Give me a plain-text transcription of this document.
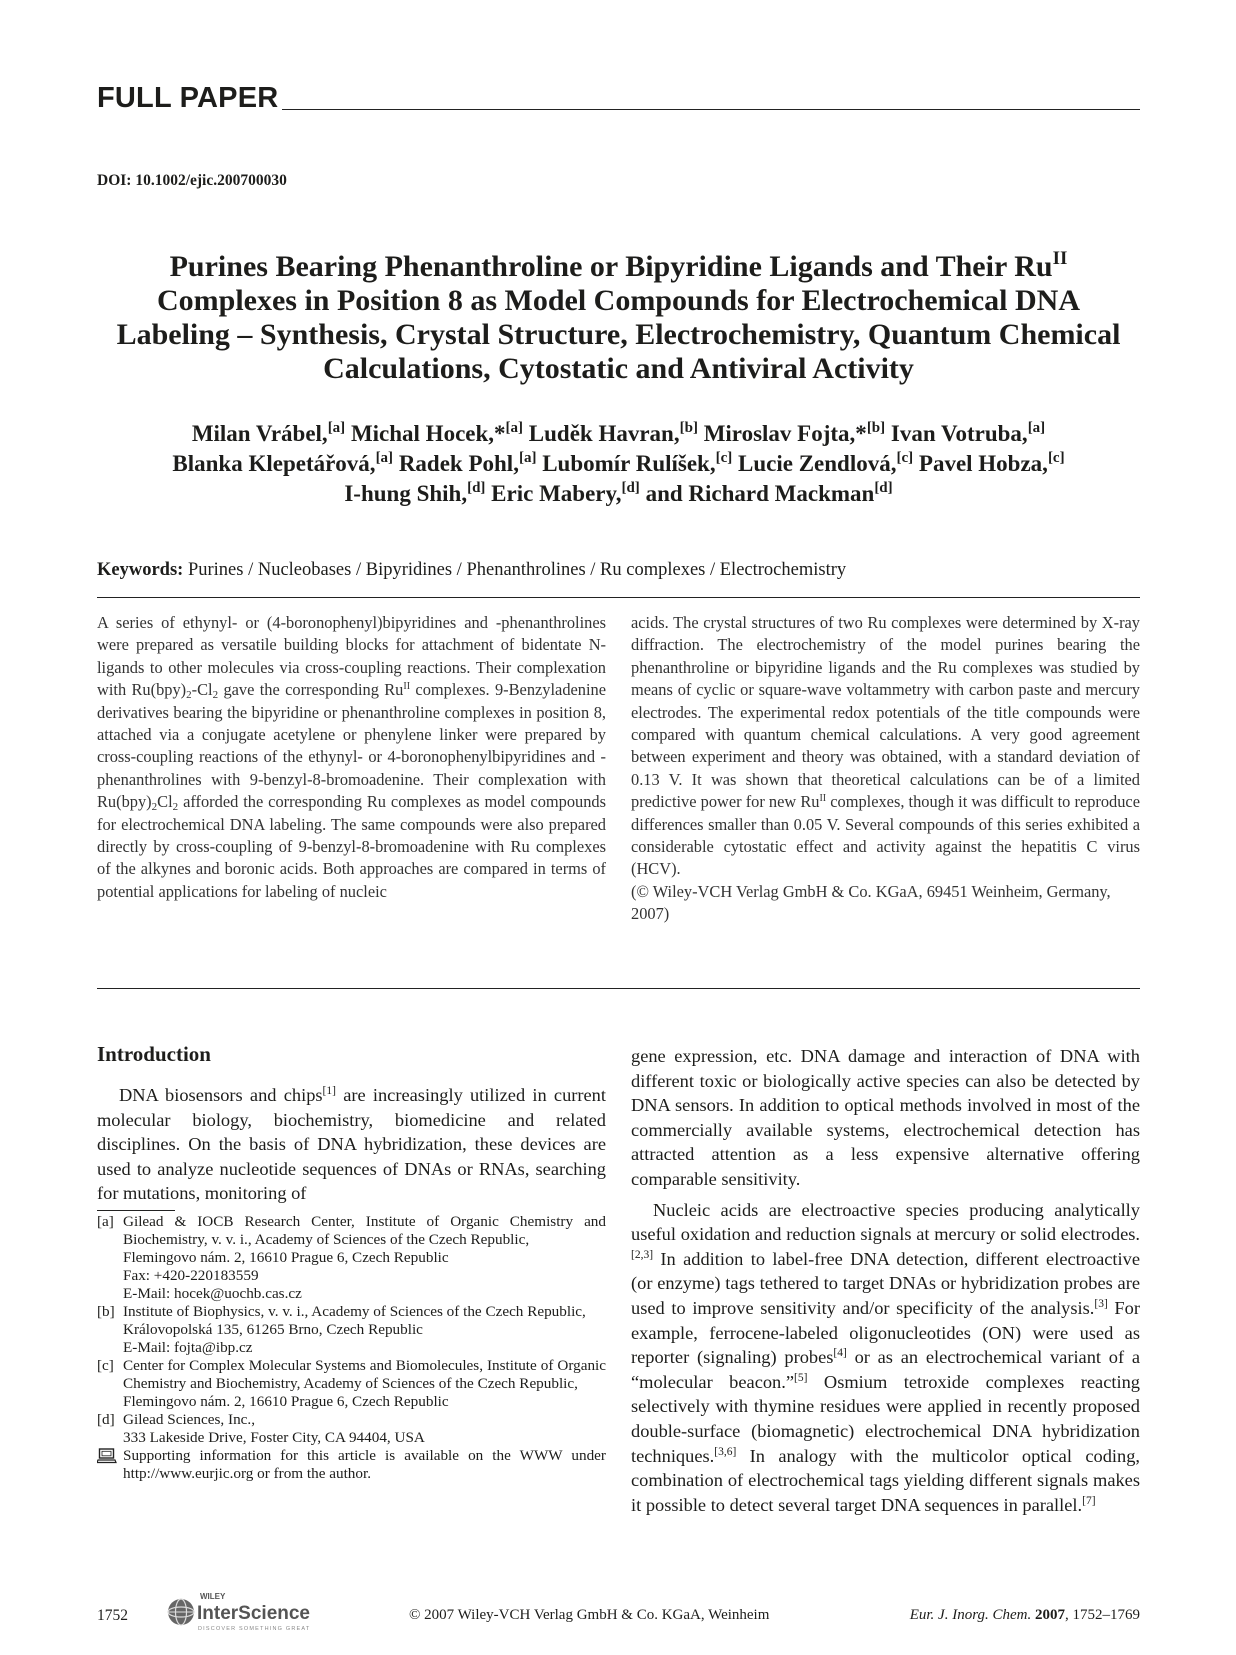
FULL PAPER
DOI: 10.1002/ejic.200700030
Purines Bearing Phenanthroline or Bipyridine Ligands and Their $Ru^{II}$
Complexes in Position 8 as Model Compounds for Electrochemical DNA
Labeling – Synthesis, Crystal Structure, Electrochemistry, Quantum Chemical
Calculations, Cytostatic and Antiviral Activity
Milan Vrábel,[a] Michal Hocek,*[a] Luděk Havran,[b] Miroslav Fojta,*[b] Ivan Votruba,[a]
Blanka Klepetářová,[a] Radek Pohl,[a] Lubomír Rulíšek,[c] Lucie Zendlová,[c] Pavel Hobza,[c]
I-hung Shih,[d] Eric Mabery,[d] and Richard Mackman[d]
Keywords: Purines / Nucleobases / Bipyridines / Phenanthrolines / Ru complexes / Electrochemistry
A series of ethynyl- or (4-boronophenyl)bipyridines and -phenanthrolines were prepared as versatile building blocks for attachment of bidentate N-ligands to other molecules via cross-coupling reactions. Their complexation with $Ru(bpy)_2-Cl_2$ gave the corresponding $Ru^{II}$ complexes. 9-Benzyladenine derivatives bearing the bipyridine or phenanthroline complexes in position 8, attached via a conjugate acetylene or phenylene linker were prepared by cross-coupling reactions of the ethynyl- or 4-boronophenylbipyridines and -phenanthrolines with 9-benzyl-8-bromoadenine. Their complexation with $Ru(bpy)_2Cl_2$ afforded the corresponding Ru complexes as model compounds for electrochemical DNA labeling. The same compounds were also prepared directly by cross-coupling of 9-benzyl-8-bromoadenine with Ru complexes of the alkynes and boronic acids. Both approaches are compared in terms of potential applications for labeling of nucleic
acids. The crystal structures of two Ru complexes were determined by X-ray diffraction. The electrochemistry of the model purines bearing the phenanthroline or bipyridine ligands and the Ru complexes was studied by means of cyclic or square-wave voltammetry with carbon paste and mercury electrodes. The experimental redox potentials of the title compounds were compared with quantum chemical calculations. A very good agreement between experiment and theory was obtained, with a standard deviation of 0.13 V. It was shown that theoretical calculations can be of a limited predictive power for new $Ru^{II}$ complexes, though it was difficult to reproduce differences smaller than 0.05 V. Several compounds of this series exhibited a considerable cytostatic effect and activity against the hepatitis C virus (HCV).
(© Wiley-VCH Verlag GmbH & Co. KGaA, 69451 Weinheim, Germany, 2007)
Introduction

DNA biosensors and chips[1] are increasingly utilized in current molecular biology, biochemistry, biomedicine and related disciplines. On the basis of DNA hybridization, these devices are used to analyze nucleotide sequences of DNAs or RNAs, searching for mutations, monitoring of

gene expression, etc. DNA damage and interaction of DNA with different toxic or biologically active species can also be detected by DNA sensors. In addition to optical methods involved in most of the commercially available systems, electrochemical detection has attracted attention as a less expensive alternative offering comparable sensitivity.

Nucleic acids are electroactive species producing analytically useful oxidation and reduction signals at mercury or solid electrodes.[2,3] In addition to label-free DNA detection, different electroactive (or enzyme) tags tethered to target DNAs or hybridization probes are used to improve sensitivity and/or specificity of the analysis.[3] For example, ferrocene-labeled oligonucleotides (ON) were used as reporter (signaling) probes[4] or as an electrochemical variant of a “molecular beacon.”[5] Osmium tetroxide complexes reacting selectively with thymine residues were applied in recently proposed double-surface (biomagnetic) electrochemical DNA hybridization techniques.[3,6] In analogy with the multicolor optical coding, combination of electrochemical tags yielding different signals makes it possible to detect several target DNA sequences in parallel.[7]

[a] Gilead & IOCB Research Center, Institute of Organic Chemistry and Biochemistry, v. v. i., Academy of Sciences of the Czech Republic,
Flemingovo nám. 2, 16610 Prague 6, Czech Republic
Fax: +420-220183559
E-Mail: hocek@uochb.cas.cz
[b] Institute of Biophysics, v. v. i., Academy of Sciences of the Czech Republic,
Královopolská 135, 61265 Brno, Czech Republic
E-Mail: fojta@ibp.cz
[c] Center for Complex Molecular Systems and Biomolecules, Institute of Organic Chemistry and Biochemistry, Academy of Sciences of the Czech Republic,
Flemingovo nám. 2, 16610 Prague 6, Czech Republic
[d] Gilead Sciences, Inc.,
333 Lakeside Drive, Foster City, CA 94404, USA
Supporting information for this article is available on the WWW under http://www.eurjic.org or from the author.
1752
WILEY
InterScience
DISCOVER SOMETHING GREAT
© 2007 Wiley-VCH Verlag GmbH & Co. KGaA, Weinheim	Eur. J. Inorg. Chem. 2007, 1752–1769
